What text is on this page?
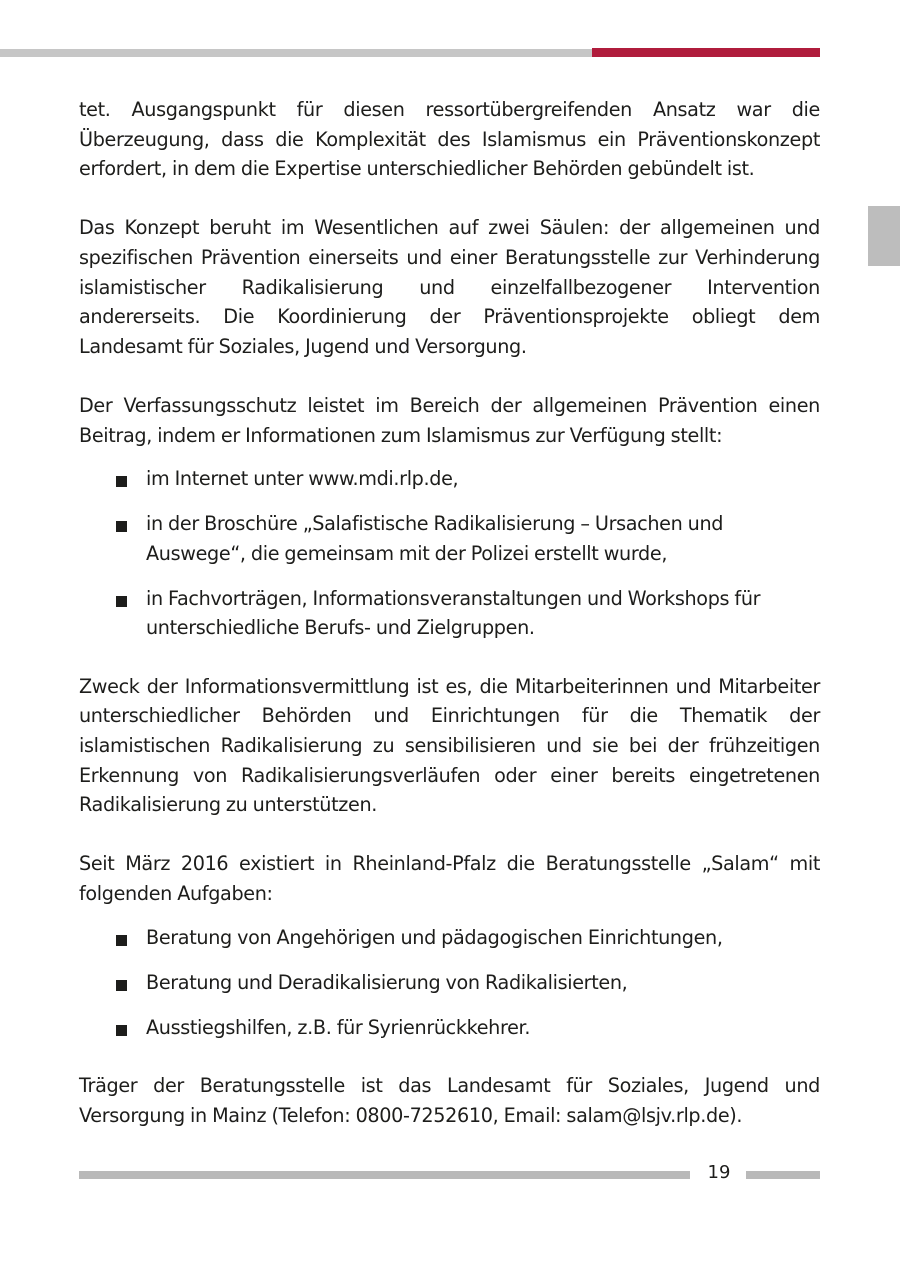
tet. Ausgangspunkt für diesen ressortübergreifenden Ansatz war die Überzeugung, dass die Komplexität des Islamismus ein Präventionskonzept erfordert, in dem die Expertise unterschiedlicher Behörden gebündelt ist.

Das Konzept beruht im Wesentlichen auf zwei Säulen: der allgemeinen und spezifischen Prävention einerseits und einer Beratungsstelle zur Verhinderung islamistischer Radikalisierung und einzelfallbezogener Intervention andererseits. Die Koordinierung der Präventionsprojekte obliegt dem Landesamt für Soziales, Jugend und Versorgung.

Der Verfassungsschutz leistet im Bereich der allgemeinen Prävention einen Beitrag, indem er Informationen zum Islamismus zur Verfügung stellt:

im Internet unter www.mdi.rlp.de,
in der Broschüre „Salafistische Radikalisierung – Ursachen und Auswege“, die gemeinsam mit der Polizei erstellt wurde,
in Fachvorträgen, Informationsveranstaltungen und Workshops für unterschiedliche Berufs- und Zielgruppen.

Zweck der Informationsvermittlung ist es, die Mitarbeiterinnen und Mitarbeiter unterschiedlicher Behörden und Einrichtungen für die Thematik der islamistischen Radikalisierung zu sensibilisieren und sie bei der frühzeitigen Erkennung von Radikalisierungsverläufen oder einer bereits eingetretenen Radikalisierung zu unterstützen.

Seit März 2016 existiert in Rheinland-Pfalz die Beratungsstelle „Salam“ mit folgenden Aufgaben:

Beratung von Angehörigen und pädagogischen Einrichtungen,
Beratung und Deradikalisierung von Radikalisierten,
Ausstiegshilfen, z.B. für Syrienrückkehrer.

Träger der Beratungsstelle ist das Landesamt für Soziales, Jugend und Versorgung in Mainz (Telefon: 0800-7252610, Email: salam@lsjv.rlp.de).

19
